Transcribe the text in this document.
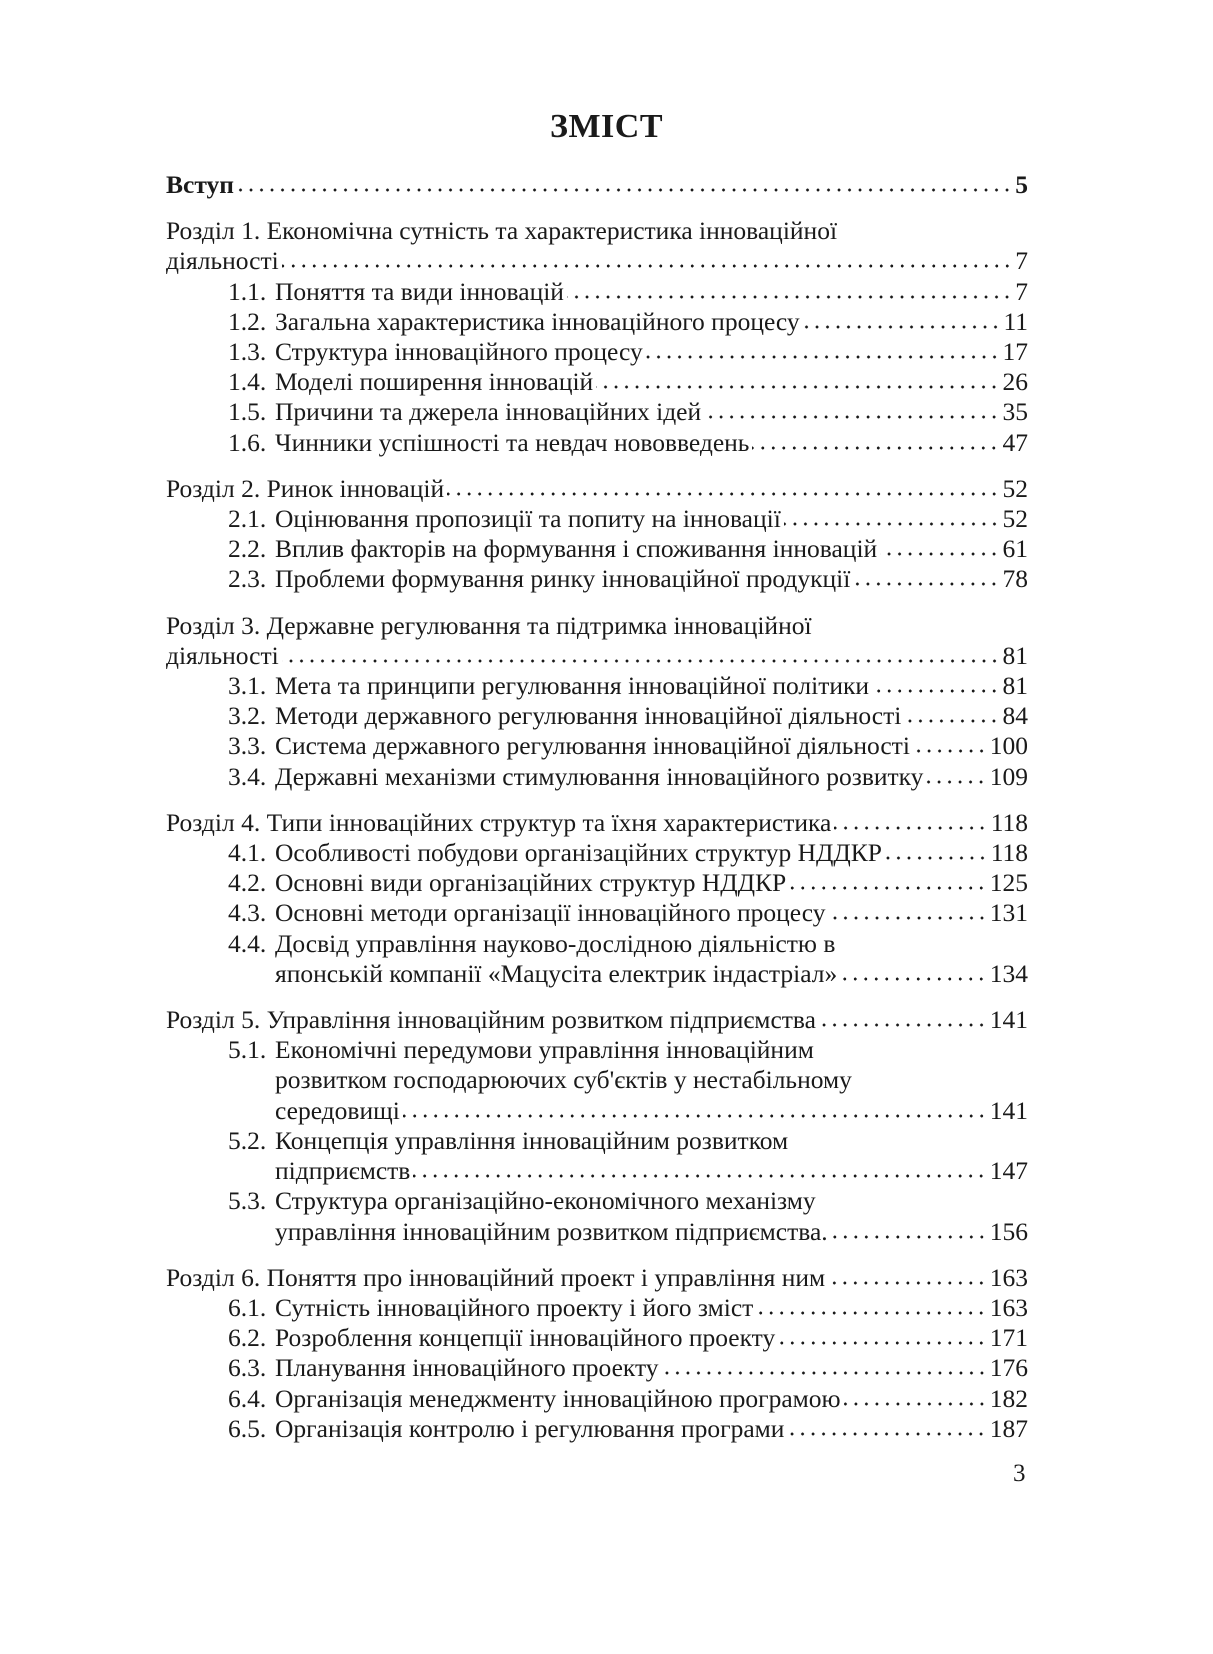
ЗМІСТ
Вступ	5
Розділ 1. Економічна сутність та характеристика інноваційної
діяльності	7
1.1. Поняття та види інновацій	7
1.2. Загальна характеристика інноваційного процесу	11
1.3. Структура інноваційного процесу	17
1.4. Моделі поширення інновацій	26
1.5. Причини та джерела інноваційних ідей	35
1.6. Чинники успішності та невдач нововведень	47
Розділ 2. Ринок інновацій	52
2.1. Оцінювання пропозиції та попиту на інновації	52
2.2. Вплив факторів на формування і споживання інновацій	61
2.3. Проблеми формування ринку інноваційної продукції	78
Розділ 3. Державне регулювання та підтримка інноваційної
діяльності	81
3.1. Мета та принципи регулювання інноваційної політики	81
3.2. Методи державного регулювання інноваційної діяльності	84
3.3. Система державного регулювання інноваційної діяльності	100
3.4. Державні механізми стимулювання інноваційного розвитку	109
Розділ 4. Типи інноваційних структур та їхня характеристика	118
4.1. Особливості побудови організаційних структур НДДКР	118
4.2. Основні види організаційних структур НДДКР	125
4.3. Основні методи організації інноваційного процесу	131
4.4. Досвід управління науково-дослідною діяльністю в
японській компанії «Мацусіта електрик індастріал»	134
Розділ 5. Управління інноваційним розвитком підприємства	141
5.1. Економічні передумови управління інноваційним
розвитком господарюючих суб'єктів у нестабільному
середовищі	141
5.2. Концепція управління інноваційним розвитком
підприємств	147
5.3. Структура організаційно-економічного механізму
управління інноваційним розвитком підприємства.	156
Розділ 6. Поняття про інноваційний проект і управління ним	163
6.1. Сутність інноваційного проекту і його зміст	163
6.2. Розроблення концепції інноваційного проекту	171
6.3. Планування інноваційного проекту	176
6.4. Організація менеджменту інноваційною програмою	182
6.5. Організація контролю і регулювання програми	187
3
